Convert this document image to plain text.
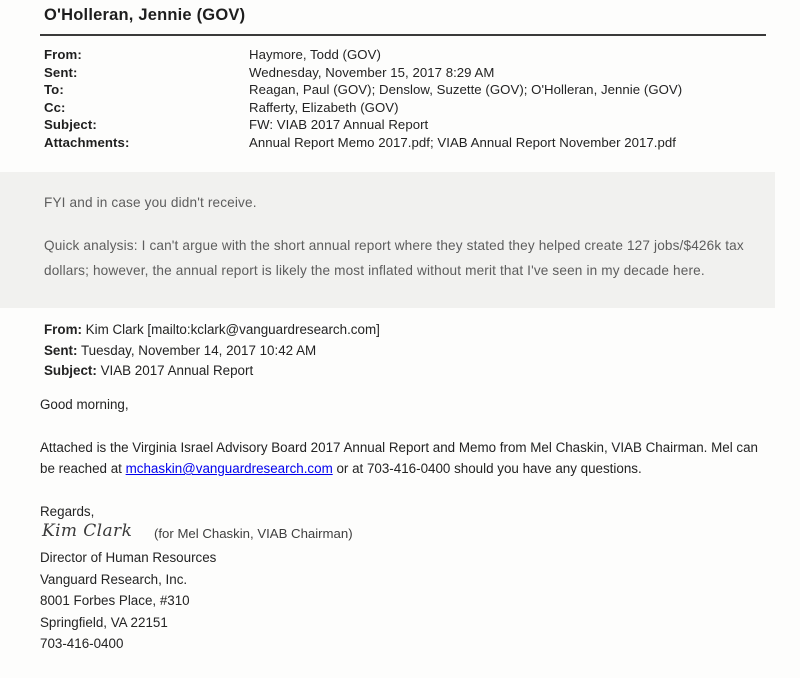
O'Holleran, Jennie (GOV)
From:	Haymore, Todd (GOV)
Sent:	Wednesday, November 15, 2017 8:29 AM
To:	Reagan, Paul (GOV); Denslow, Suzette (GOV); O'Holleran, Jennie (GOV)
Cc:	Rafferty, Elizabeth (GOV)
Subject:	FW: VIAB 2017 Annual Report
Attachments:	Annual Report Memo 2017.pdf; VIAB Annual Report November 2017.pdf

FYI and in case you didn't receive.

Quick analysis: I can't argue with the short annual report where they stated they helped create 127 jobs/$426k tax dollars; however, the annual report is likely the most inflated without merit that I've seen in my decade here.

From: Kim Clark [mailto:kclark@vanguardresearch.com]
Sent: Tuesday, November 14, 2017 10:42 AM
Subject: VIAB 2017 Annual Report

Good morning,

Attached is the Virginia Israel Advisory Board 2017 Annual Report and Memo from Mel Chaskin, VIAB Chairman. Mel can be reached at mchaskin@vanguardresearch.com or at 703-416-0400 should you have any questions.

Regards,

Kim Clark (for Mel Chaskin, VIAB Chairman)
Director of Human Resources
Vanguard Research, Inc.
8001 Forbes Place, #310
Springfield, VA 22151
703-416-0400
